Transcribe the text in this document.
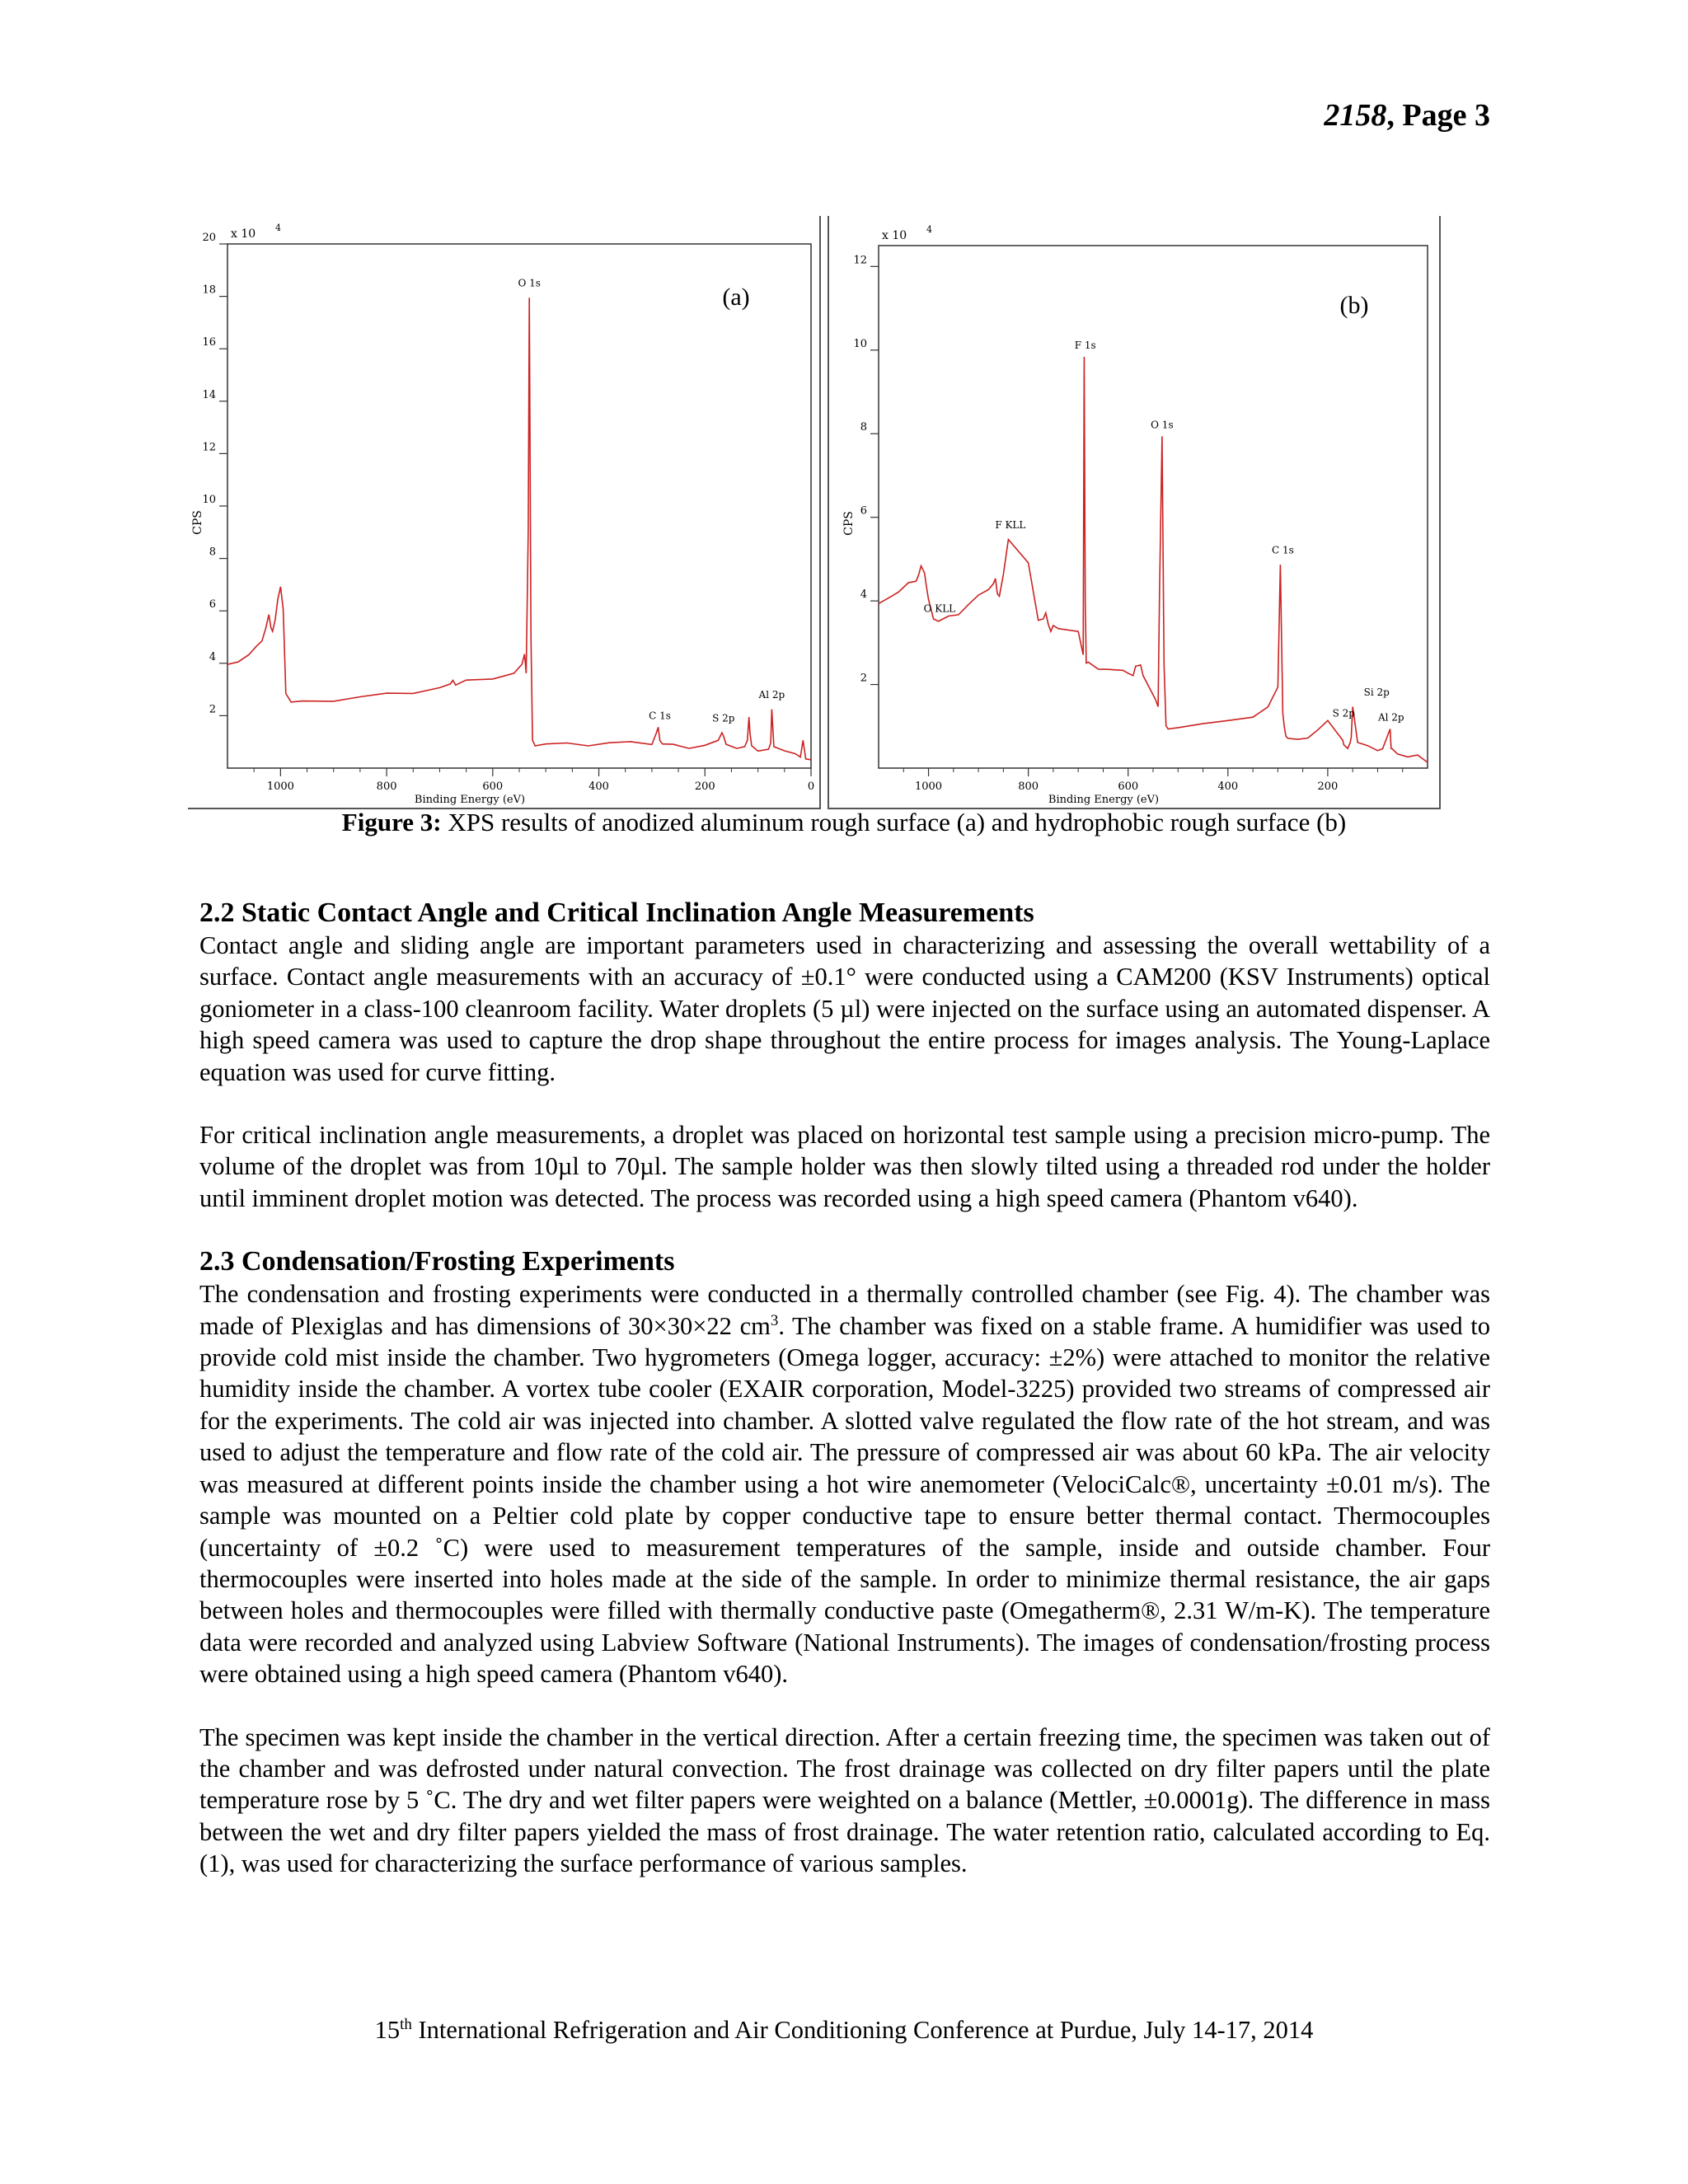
2158, Page 3
2
4
6
8
10
12
14
16
18
20
1000	800	600	400	200	0
Binding Energy (eV)
CPS
x 10 4
O 1s
C 1s	S 2p
Al 2p
(a)
2
4
6
8
10
12
1000	800	600	400	200
Binding Energy (eV)
CPS
x 10 4
O KLL
F KLL
F 1s
O 1s
C 1s
S 2p
Si 2p
Al 2p
(b)
Figure 3: XPS results of anodized aluminum rough surface (a) and hydrophobic rough surface (b)
2.2 Static Contact Angle and Critical Inclination Angle Measurements

Contact angle and sliding angle are important parameters used in characterizing and assessing the overall wettability of a surface. Contact angle measurements with an accuracy of ±0.1° were conducted using a CAM200 (KSV Instruments) optical goniometer in a class-100 cleanroom facility. Water droplets (5 µl) were injected on the surface using an automated dispenser. A high speed camera was used to capture the drop shape throughout the entire process for images analysis. The Young-Laplace equation was used for curve fitting.

For critical inclination angle measurements, a droplet was placed on horizontal test sample using a precision micro-pump. The volume of the droplet was from 10µl to 70µl. The sample holder was then slowly tilted using a threaded rod under the holder until imminent droplet motion was detected. The process was recorded using a high speed camera (Phantom v640).

2.3 Condensation/Frosting Experiments

The condensation and frosting experiments were conducted in a thermally controlled chamber (see Fig. 4). The chamber was made of Plexiglas and has dimensions of 30×30×22 $cm^3$. The chamber was fixed on a stable frame. A humidifier was used to provide cold mist inside the chamber. Two hygrometers (Omega logger, accuracy: ±2%) were attached to monitor the relative humidity inside the chamber. A vortex tube cooler (EXAIR corporation, Model-3225) provided two streams of compressed air for the experiments. The cold air was injected into chamber. A slotted valve regulated the flow rate of the hot stream, and was used to adjust the temperature and flow rate of the cold air. The pressure of compressed air was about 60 kPa. The air velocity was measured at different points inside the chamber using a hot wire anemometer (VelociCalc®, uncertainty ±0.01 m/s). The sample was mounted on a Peltier cold plate by copper conductive tape to ensure better thermal contact. Thermocouples (uncertainty of ±0.2 ˚C) were used to measurement temperatures of the sample, inside and outside chamber. Four thermocouples were inserted into holes made at the side of the sample. In order to minimize thermal resistance, the air gaps between holes and thermocouples were filled with thermally conductive paste (Omegatherm®, 2.31 W/m-K). The temperature data were recorded and analyzed using Labview Software (National Instruments). The images of condensation/frosting process were obtained using a high speed camera (Phantom v640).

The specimen was kept inside the chamber in the vertical direction. After a certain freezing time, the specimen was taken out of the chamber and was defrosted under natural convection. The frost drainage was collected on dry filter papers until the plate temperature rose by 5 ˚C. The dry and wet filter papers were weighted on a balance (Mettler, ±0.0001g). The difference in mass between the wet and dry filter papers yielded the mass of frost drainage. The water retention ratio, calculated according to Eq. (1), was used for characterizing the surface performance of various samples.

15th International Refrigeration and Air Conditioning Conference at Purdue, July 14-17, 2014
